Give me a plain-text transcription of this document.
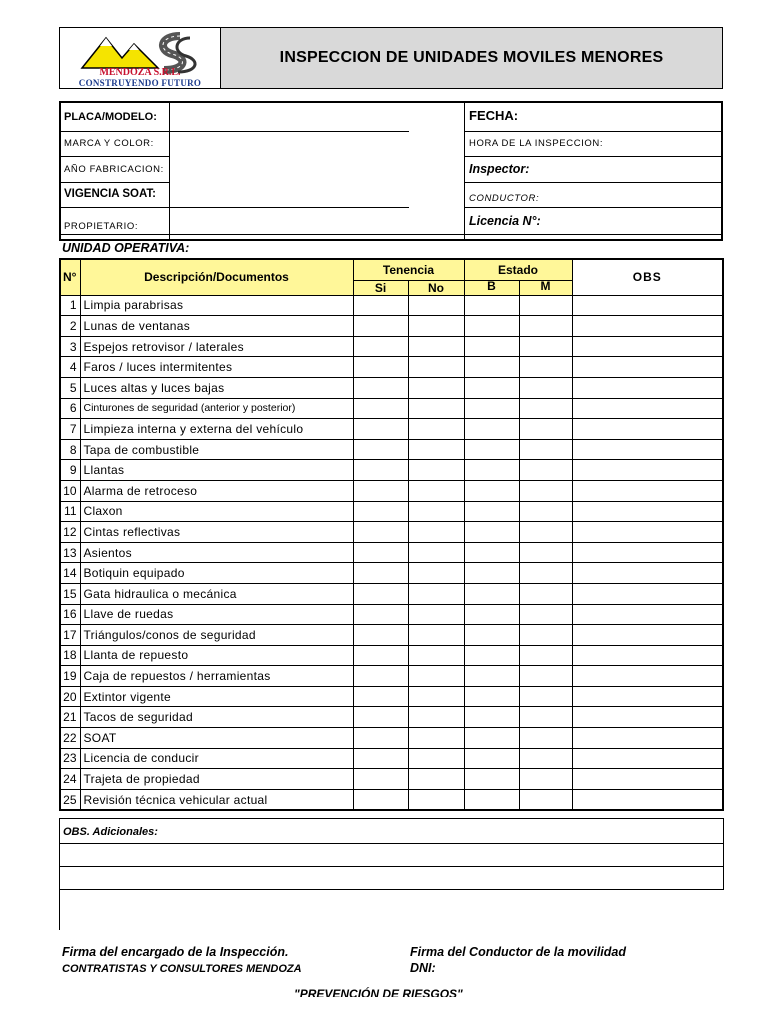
MENDOZA S.R.L.
CONSTRUYENDO FUTURO
INSPECCION DE UNIDADES MOVILES MENORES
PLACA/MODELO:
MARCA Y COLOR:
AÑO FABRICACION:
VIGENCIA SOAT:
PROPIETARIO:
FECHA:
HORA DE LA INSPECCION:
Inspector:
CONDUCTOR:
Licencia N°:
UNIDAD OPERATIVA:
N°	Descripción/Documentos	Tenencia		Estado		OBS
		Si	No	B	M	
1	Limpia parabrisas					
2	Lunas de ventanas					
3	Espejos retrovisor / laterales					
4	Faros / luces intermitentes					
5	Luces altas y luces bajas					
6	Cinturones de seguridad (anterior y posterior)					
7	Limpieza interna y externa del vehículo					
8	Tapa de combustible					
9	Llantas					
10	Alarma de retroceso					
11	Claxon					
12	Cintas reflectivas					
13	Asientos					
14	Botiquin equipado					
15	Gata hidraulica o mecánica					
16	Llave de ruedas					
17	Triángulos/conos de seguridad					
18	Llanta de repuesto					
19	Caja de repuestos / herramientas					
20	Extintor vigente					
21	Tacos de seguridad					
22	SOAT					
23	Licencia de conducir					
24	Trajeta de propiedad					
25	Revisión técnica vehicular actual					
OBS. Adicionales:
Firma del encargado de la Inspección.
CONTRATISTAS Y CONSULTORES MENDOZA
Firma del Conductor de la movilidad
DNI:
"PREVENCIÓN DE RIESGOS"
